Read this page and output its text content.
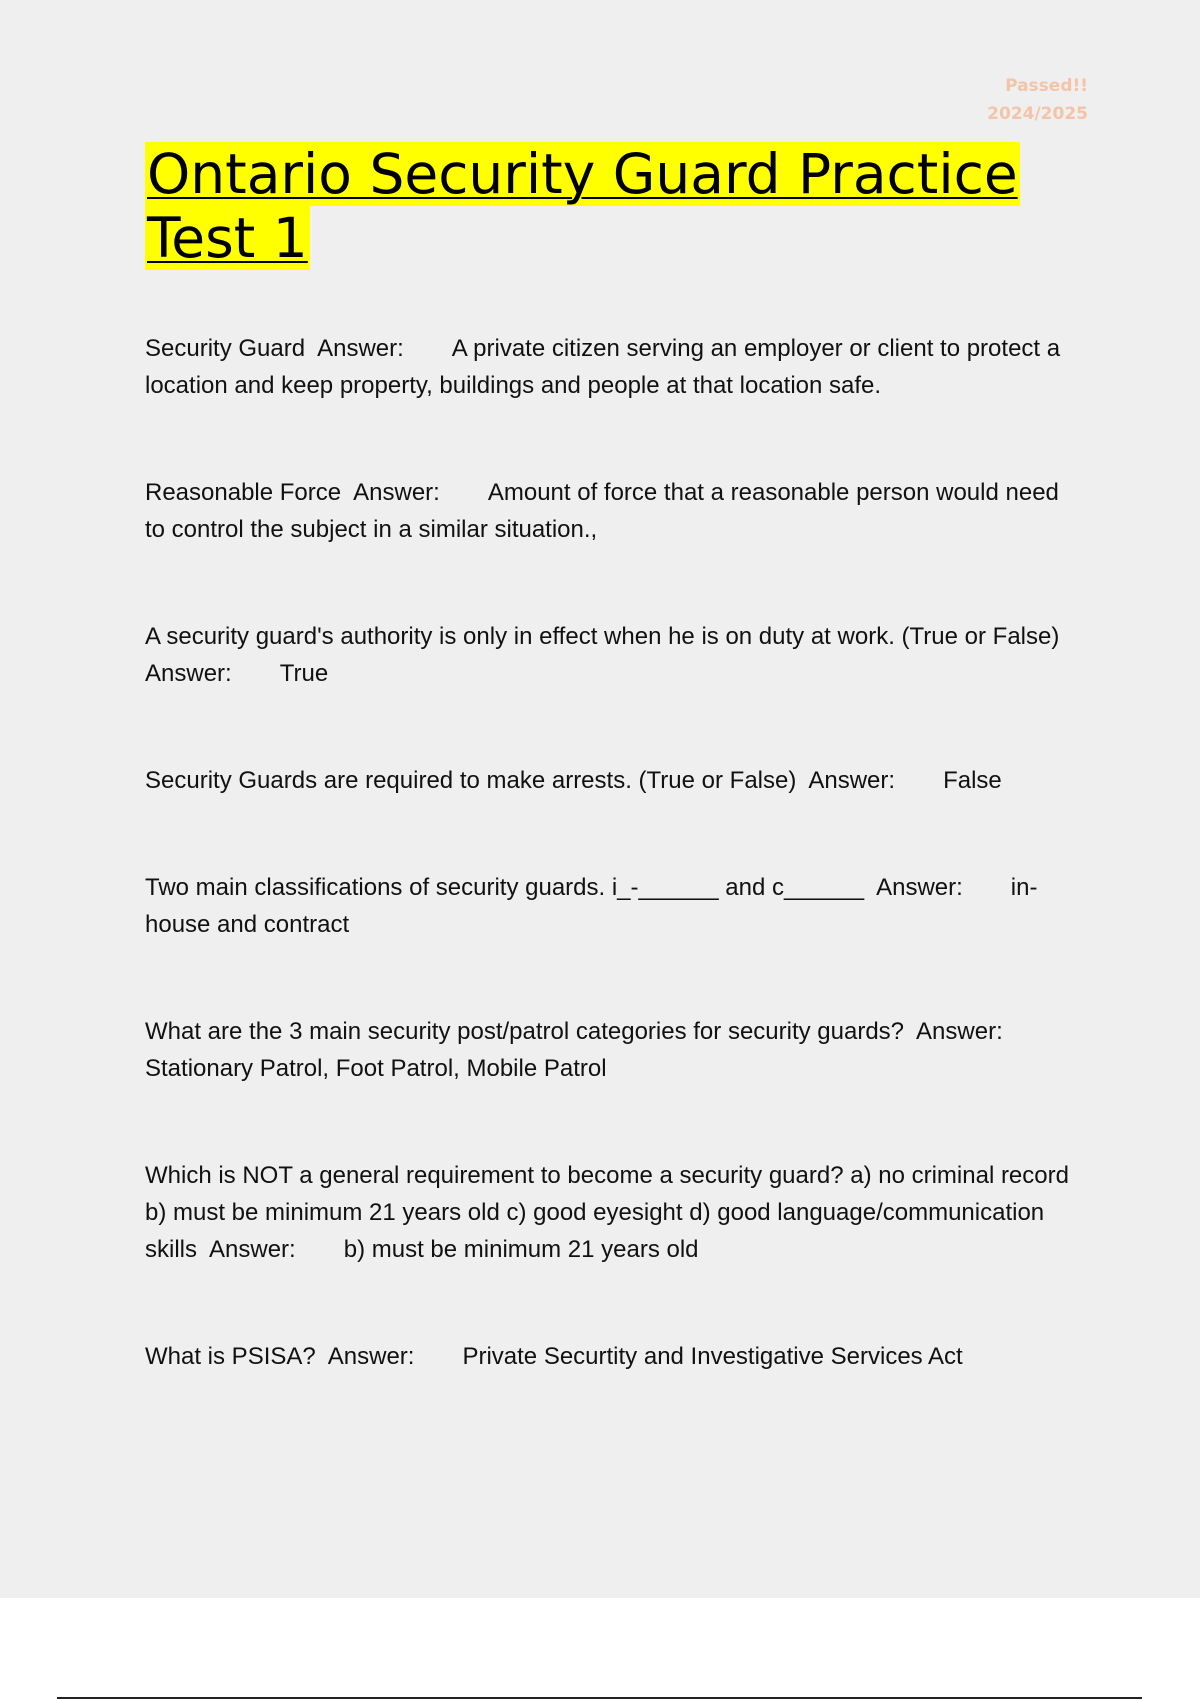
Passed!!
2024/2025
Ontario Security Guard Practice
Test 1

Security Guard Answer: A private citizen serving an employer or client to protect a location and keep property, buildings and people at that location safe.

Reasonable Force Answer: Amount of force that a reasonable person would need to control the subject in a similar situation.,

A security guard's authority is only in effect when he is on duty at work. (True or False)  Answer: True

Security Guards are required to make arrests. (True or False) Answer: False

Two main classifications of security guards. i_-______ and c______ Answer: in-house and contract

What are the 3 main security post/patrol categories for security guards? Answer:Stationary Patrol, Foot Patrol, Mobile Patrol

Which is NOT a general requirement to become a security guard? a) no criminal record b) must be minimum 21 years old c) good eyesight d) good language/communication skills Answer: b) must be minimum 21 years old

What is PSISA? Answer: Private Securtity and Investigative Services Act
